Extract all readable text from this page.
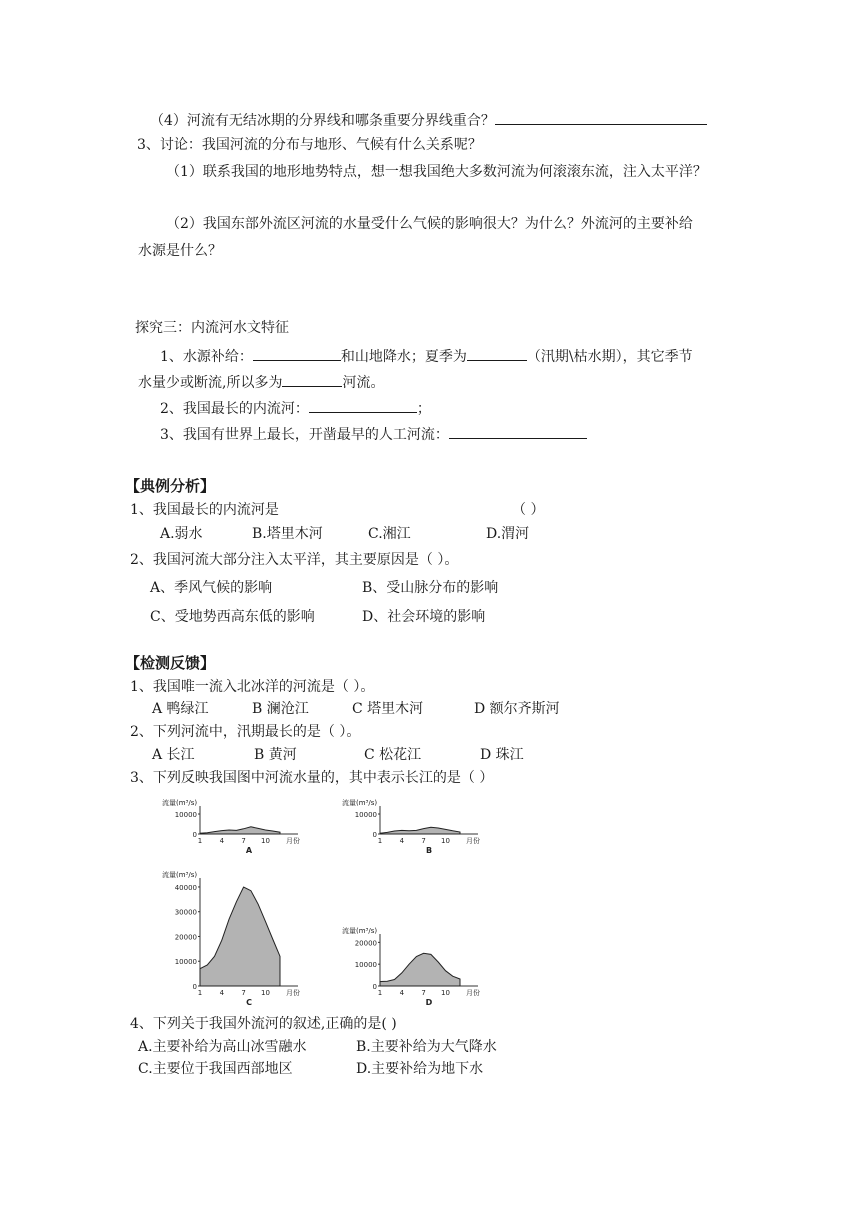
（4）河流有无结冰期的分界线和哪条重要分界线重合？
3、讨论：我国河流的分布与地形、气候有什么关系呢？
（1）联系我国的地形地势特点，想一想我国绝大多数河流为何滚滚东流，注入太平洋？
（2）我国东部外流区河流的水量受什么气候的影响很大？为什么？外流河的主要补给
水源是什么？
探究三：内流河水文特征
1、水源补给：	和山地降水；夏季为	（汛期\枯水期），其它季节
水量少或断流,所以多为	河流。
2、我国最长的内流河：	；
3、我国有世界上最长，开凿最早的人工河流：
【典例分析】
1、我国最长的内流河是	（ ）
A.弱水	B.塔里木河	C.湘江	D.渭河
2、我国河流大部分注入太平洋，其主要原因是（ ）。
A、季风气候的影响	B、受山脉分布的影响
C、受地势西高东低的影响	D、社会环境的影响
【检测反馈】
1、我国唯一流入北冰洋的河流是（ ）。
A 鸭绿江	B 澜沧江	C 塔里木河	D 额尔齐斯河
2、下列河流中，汛期最长的是（ ）。
A 长江	B 黄河	C 松花江	D 珠江
3、下列反映我国图中河流水量的，其中表示长江的是（ ）
流量(m³/s)
0
10000
1 4 7 10 月份
A
流量(m³/s)
0
10000
1 4 7 10 月份
B
流量(m³/s)
0
10000
20000
30000
40000
1 4 7 10 月份
C
流量(m³/s)
0
10000
20000
1 4 7 10 月份
D
4、下列关于我国外流河的叙述,正确的是( )
A.主要补给为高山冰雪融水	B.主要补给为大气降水
C.主要位于我国西部地区	D.主要补给为地下水
